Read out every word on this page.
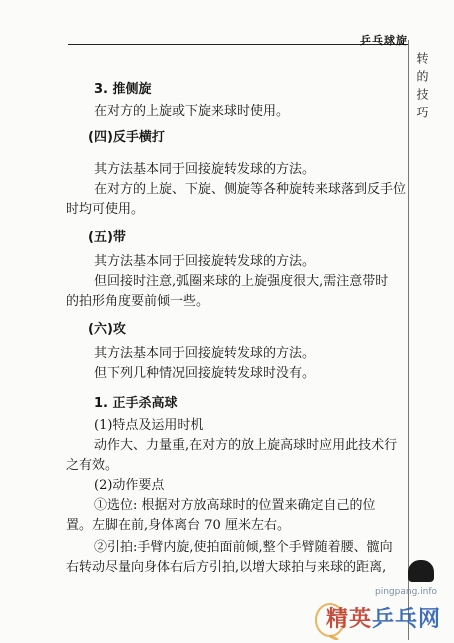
乒乓球旋
转的技巧
3. 推侧旋
在对方的上旋或下旋来球时使用。
(四)反手横打
其方法基本同于回接旋转发球的方法。
在对方的上旋、下旋、侧旋等各种旋转来球落到反手位
时均可使用。
(五)带
其方法基本同于回接旋转发球的方法。
但回接时注意,弧圈来球的上旋强度很大,需注意带时
的拍形角度要前倾一些。
(六)攻
其方法基本同于回接旋转发球的方法。
但下列几种情况回接旋转发球时没有。
1. 正手杀高球
(1)特点及运用时机
动作大、力量重,在对方的放上旋高球时应用此技术行
之有效。
(2)动作要点
①选位: 根据对方放高球时的位置来确定自己的位
置。左脚在前,身体离台 70 厘米左右。
②引拍:手臂内旋,使拍面前倾,整个手臂随着腰、髋向
右转动尽量向身体右后方引拍,以增大球拍与来球的距离,
pingpang.info
精英乒乓网
